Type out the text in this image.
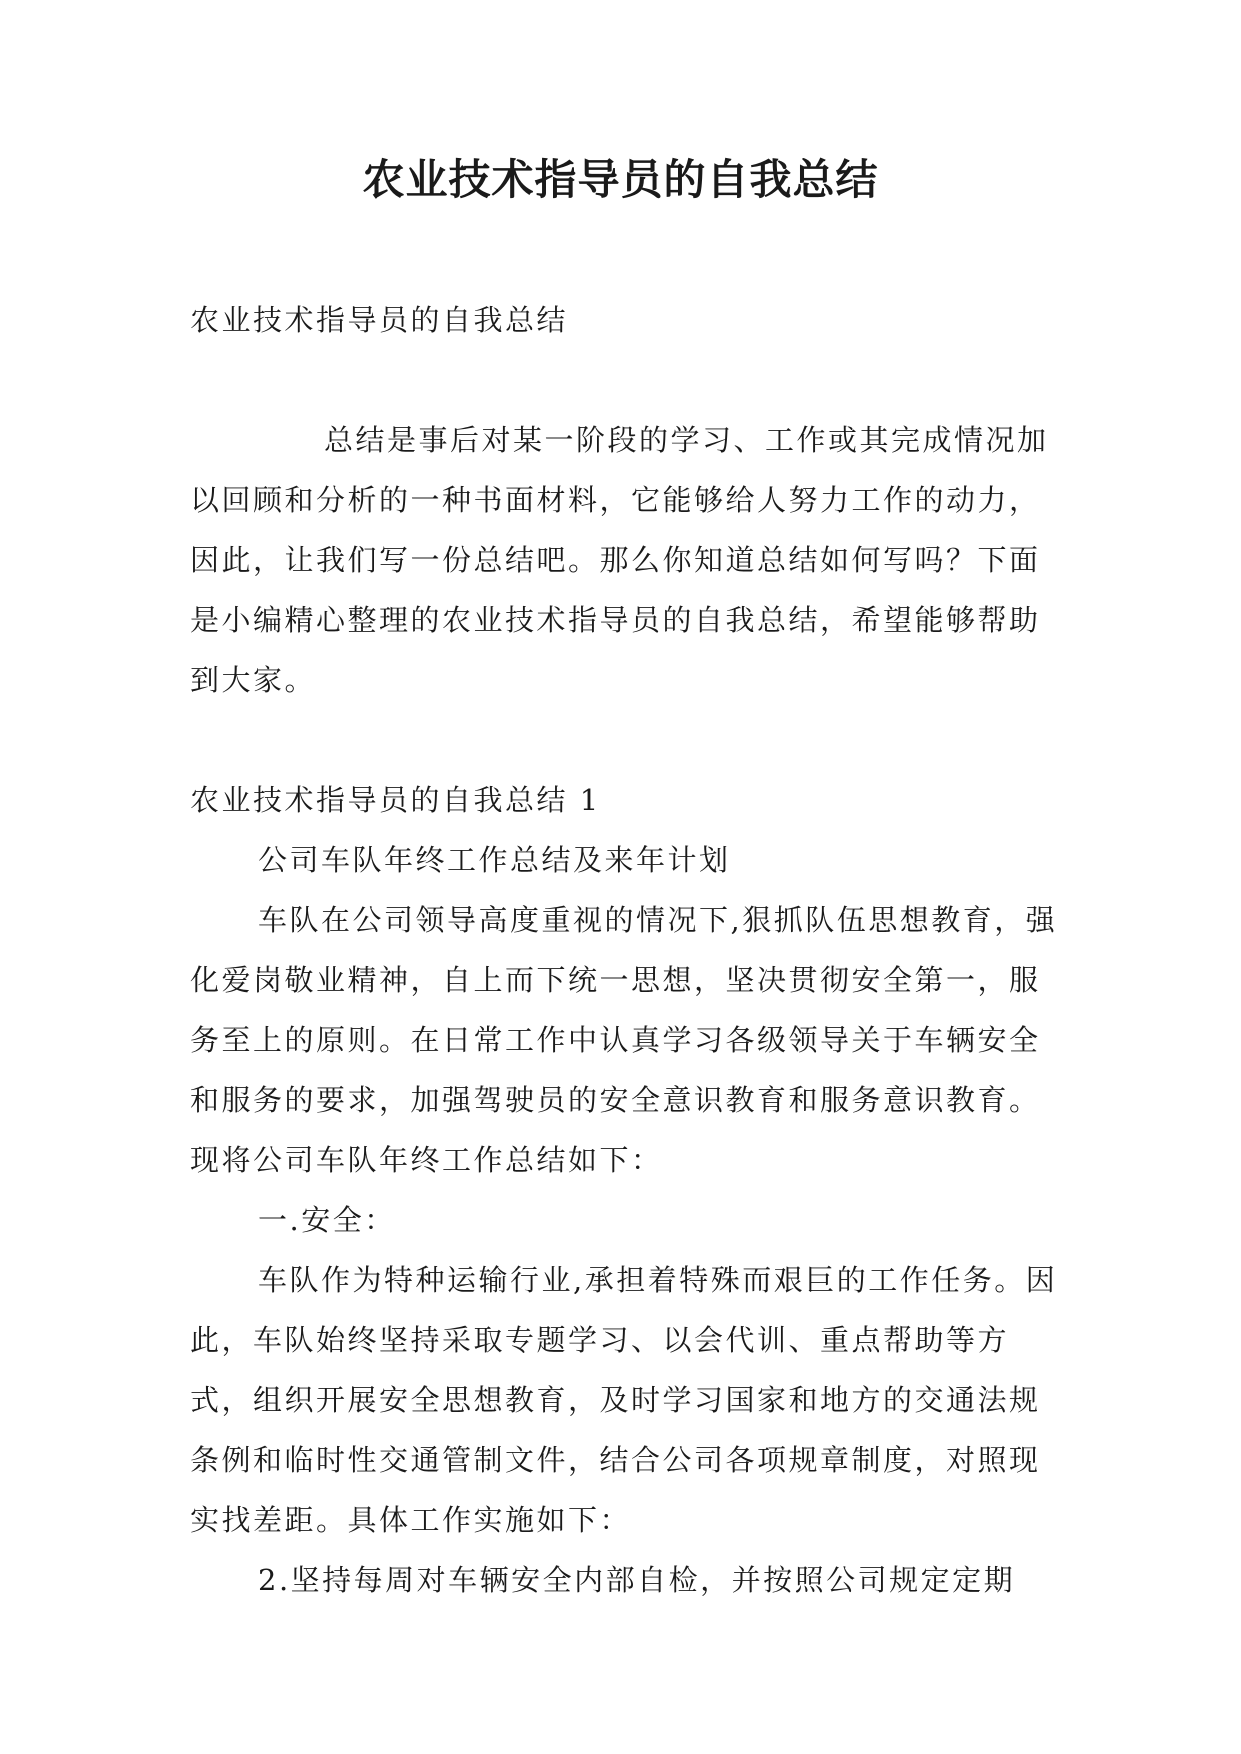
农业技术指导员的自我总结

农业技术指导员的自我总结

总结是事后对某一阶段的学习、工作或其完成情况加以回顾和分析的一种书面材料，它能够给人努力工作的动力，因此，让我们写一份总结吧。那么你知道总结如何写吗？下面是小编精心整理的农业技术指导员的自我总结，希望能够帮助到大家。

农业技术指导员的自我总结 1

公司车队年终工作总结及来年计划

车队在公司领导高度重视的情况下,狠抓队伍思想教育，强化爱岗敬业精神，自上而下统一思想，坚决贯彻安全第一，服务至上的原则。在日常工作中认真学习各级领导关于车辆安全和服务的要求，加强驾驶员的安全意识教育和服务意识教育。 现将公司车队年终工作总结如下：

一.安全：

车队作为特种运输行业,承担着特殊而艰巨的工作任务。因此，车队始终坚持采取专题学习、以会代训、重点帮助等方式，组织开展安全思想教育，及时学习国家和地方的交通法规条例和临时性交通管制文件，结合公司各项规章制度，对照现实找差距。具体工作实施如下：

2.坚持每周对车辆安全内部自检，并按照公司规定定期
